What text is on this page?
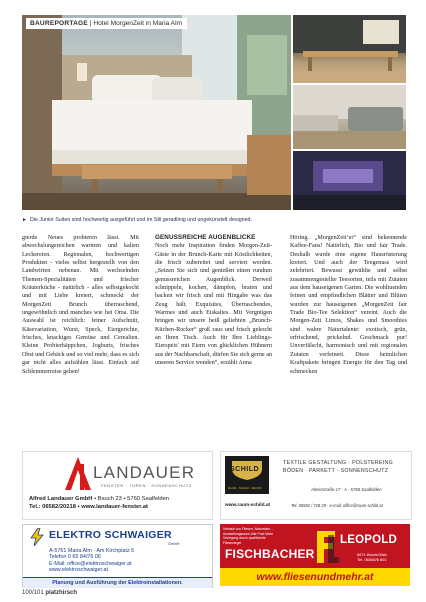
BAUREPORTAGE | Hotel MorgenZeit in Maria Alm
► Die Junior Suiten sind hochwertig ausgeführt und im Stil geradlinig und ungekünstelt designed.

gierde Neues probieren lässt. Mit abwechslungsreichen warmen und kalten Leckereien. Regionalen, hochwertigen Produkten - vieles selbst hergestellt von den Landwirten nebenan. Mit wechselnden Themen-Spezialitäten und frischer Kräuterküche - natürlich - alles selbstgekocht und mit Liebe kreiert, schmeckt der MorgenZeit Brunch überraschend, ungewöhnlich und manches wie bei Oma. Die Auswahl ist reichlich: feiner Aufschnitt, Käsevariation, Wurst, Speck, Eiergerichte, frisches, knackiges Gemüse und Cerealien. Kleine Probierhäppchen, Joghurts, frisches Obst und Gebäck und so viel mehr, dass es sich gar nicht alles aufzählen lässt. Einfach auf Schlemmerreise gehen!

GENUSSREICHE AUGENBLICKE

Noch mehr Inspiration finden Morgen-Zeit-Gäste in der Brunch-Karte mit Köstlichkeiten, die frisch zubereitet und serviert werden. „Setzen Sie sich und genießen einen rundum genussreichen Augenblick. Derweil schnippeln, kochen, dämpfen, braten und backen wir frisch und mit Hingabe was das Zeug hält. Exquisites, Überraschendes, Warmes und auch Eiskaltes. Mit Vergnügen bringen wir unsere heiß geliebten „Brunch-Küchen-Rocker“ groß raus und frisch gekocht an Ihren Tisch. Auch für Ihre Lieblings-Eierspeis' mit Eiern von glücklichen Hühnern aus der Nachbarschaft, dürfen Sie sich gerne an unseren Service wenden“, erzählt Anna

Höring. „MorgenZeit’er“ sind bekennende Kaffee-Fans! Natürlich, Bio und fair Trade. Deshalb wurde eine eigene Hausrösterung kreiert. Und auch der Teegenuss wird zelebriert. Bewusst gewählte und selbst zusammengestellte Teesorten, teils mit Zutaten aus dem hauseigenen Garten. Die wohltuenden feinen und empfindlichen Blätter und Blüten wurden zur hauseigenen „MorgenZeit fair Trade Bio-Tee Selektion“ vereint. Auch die Morgen-Zeit Limos, Shakes und Smoothies sind wahre Naturtalente: exotisch, grün, erfrischend, prickelnd. Geschmack pur! Unverfälscht, harmonisch und mit regionalen Zutaten verfeinert. Diese heimlichen Kraftpakete bringen Energie für den Tag und schmecken

LANDAUER
FENSTER · TÜREN · SONNENSCHUTZ
Alfred Landauer GmbH • Bsuch 23 • 5760 Saalfelden
Tel.: 06582/20218 • www.landauer-fenster.at
SCHILD
RAUM · SCHILD · DECOR
TEXTILE GESTALTUNG · POLSTEREING
BÖDEN · PARKETT · SONNENSCHUTZ
Almerstraße 17 · A - 5760 Saalfelden
www.raum-schild.at	Tel. 06582 / 728 29 · e-mail: office@raum-schild.at
ELEKTRO SCHWAIGER
GmbH
A-5761 Maria Alm · Am Kirchplatz 5
Telefon 0 65 84/76 06
E-Mail: office@elektroschwaiger.at
www.elektroschwaiger.at
Planung und Ausführung der Elektroinstallationen.
Verkauf von Fliesen, Naturstein ...
Ausstellungsraum Alte Post Mahr
Verlegung durch qualifizierte
Fliesenleger
FISCHBACHER
LEOPOLD
5671 Bruck/Glstr.
Tel. 06545/6 601
www.fliesenundmehr.at
100/101 platzhirsch
